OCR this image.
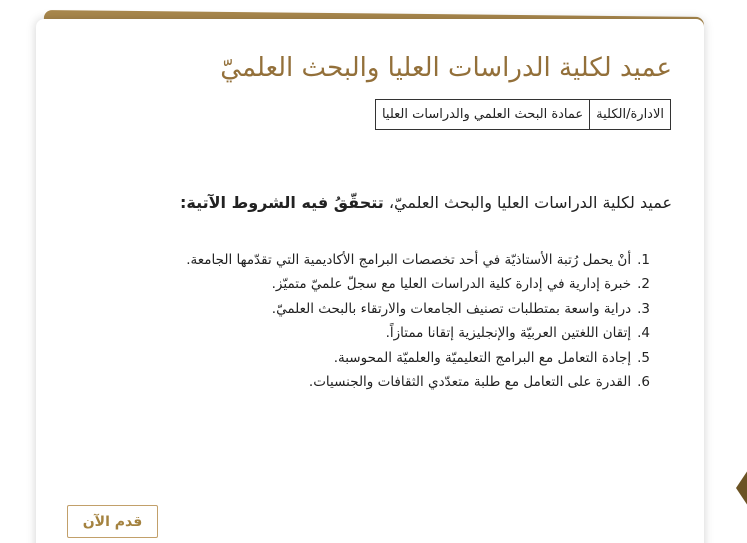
عميد لكلية الدراسات العليا والبحث العلميّ
الادارة/الكلية	عمادة البحث العلمي والدراسات العليا
عميد لكلية الدراسات العليا والبحث العلميّ، تتحقّقُ فيه الشروط الآتية:
1.أنْ يحمل رُتبة الأستاذيّة في أحد تخصصات البرامج الأكاديمية التي تقدّمها الجامعة.
2.خبرة إدارية في إدارة كلية الدراسات العليا مع سجلّ علميّ متميّز.
3.دراية واسعة بمتطلبات تصنيف الجامعات والارتقاء بالبحث العلميّ.
4.إتقان اللغتين العربيّة والإنجليزية إتقانا ممتازاً.
5.إجادة التعامل مع البرامج التعليميّة والعلميّة المحوسبة.
6.القدرة على التعامل مع طلبة متعدّدي الثقافات والجنسيات.
قدم الآن
